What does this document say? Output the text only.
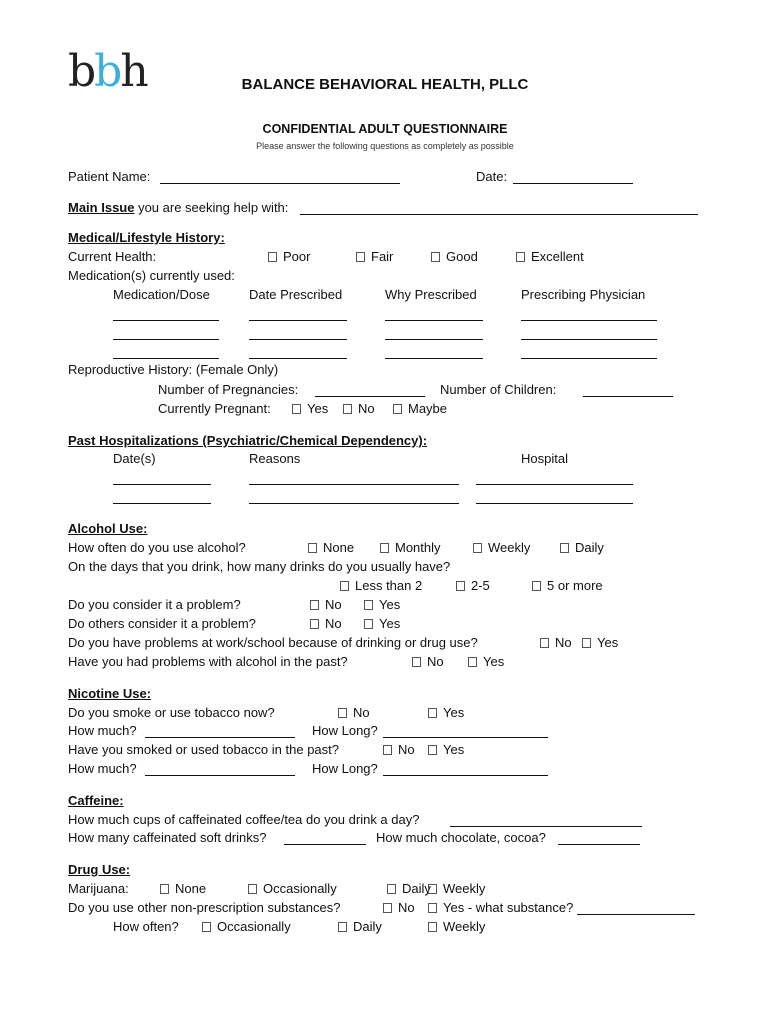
bbh	BALANCE BEHAVIORAL HEALTH, PLLC
CONFIDENTIAL ADULT QUESTIONNAIRE
Please answer the following questions as completely as possible
Patient Name:	Date:
Main Issue you are seeking help with:
Medical/Lifestyle History:
Current Health:	Poor	Fair	Good	Excellent
Medication(s) currently used:
Medication/Dose	Date Prescribed	Why Prescribed	Prescribing Physician
Reproductive History: (Female Only)
Number of Pregnancies:	Number of Children:
Currently Pregnant:	Yes	No	Maybe
Past Hospitalizations (Psychiatric/Chemical Dependency):
Date(s)	Reasons	Hospital
Alcohol Use:
How often do you use alcohol?	None	Monthly	Weekly	Daily
On the days that you drink, how many drinks do you usually have?
Less than 2	2-5	5 or more
Do you consider it a problem?	No	Yes
Do others consider it a problem?	No	Yes
Do you have problems at work/school because of drinking or drug use?	No	Yes
Have you had problems with alcohol in the past?	No	Yes
Nicotine Use:
Do you smoke or use tobacco now?	No	Yes
How much?	How Long?
Have you smoked or used tobacco in the past?	No	Yes
How much?	How Long?
Caffeine:
How much cups of caffeinated coffee/tea do you drink a day?
How many caffeinated soft drinks?	How much chocolate, cocoa?
Drug Use:
Marijuana:	None	Occasionally	Daily Weekly
Do you use other non-prescription substances?	No	Yes - what substance?
How often?	Occasionally	Daily	Weekly
